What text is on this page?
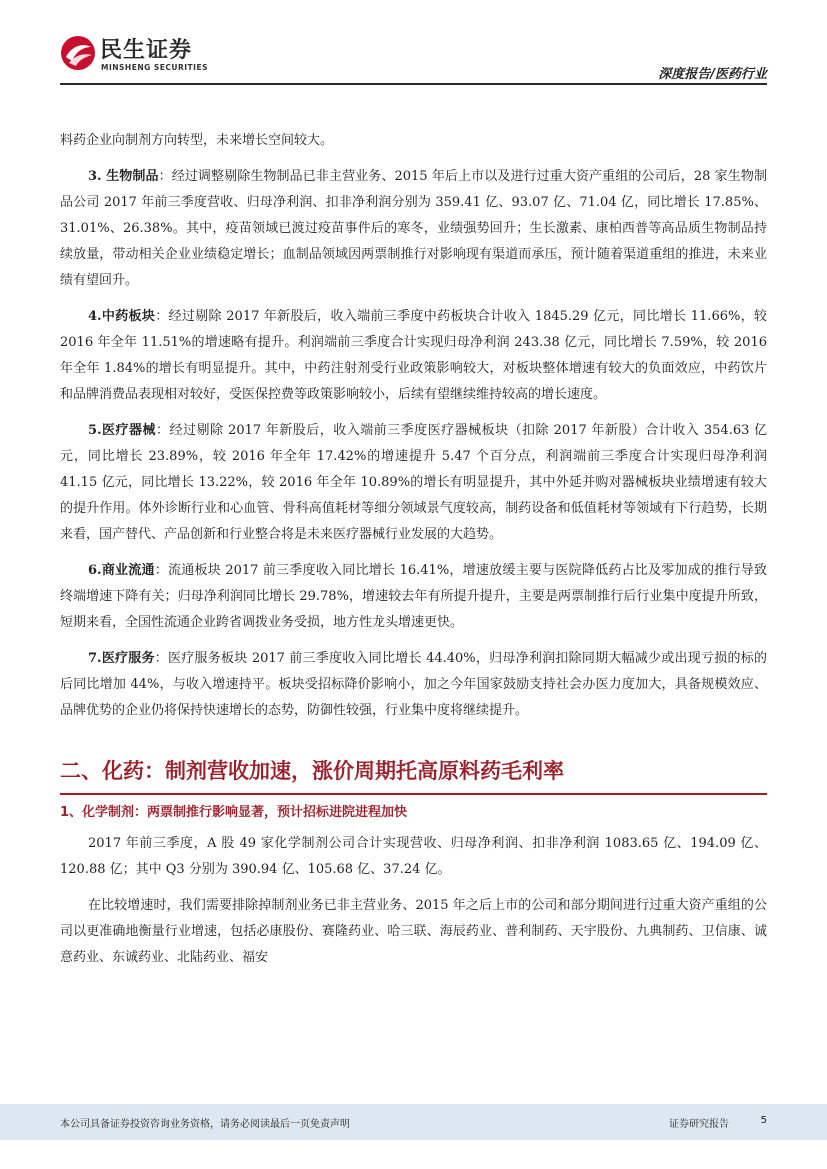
民生证券
MINSHENG SECURITIES	深度报告/医药行业

料药企业向制剂方向转型，未来增长空间较大。

3. 生物制品：经过调整剔除生物制品已非主营业务、2015 年后上市以及进行过重大资产重组的公司后，28 家生物制品公司 2017 年前三季度营收、归母净利润、扣非净利润分别为 359.41 亿、93.07 亿、71.04 亿，同比增长 17.85%、31.01%、26.38%。其中，疫苗领域已渡过疫苗事件后的寒冬，业绩强势回升；生长激素、康柏西普等高品质生物制品持续放量，带动相关企业业绩稳定增长；血制品领域因两票制推行对影响现有渠道而承压，预计随着渠道重组的推进，未来业绩有望回升。

4.中药板块：经过剔除 2017 年新股后，收入端前三季度中药板块合计收入 1845.29 亿元，同比增长 11.66%，较 2016 年全年 11.51%的增速略有提升。利润端前三季度合计实现归母净利润 243.38 亿元，同比增长 7.59%，较 2016 年全年 1.84%的增长有明显提升。其中，中药注射剂受行业政策影响较大，对板块整体增速有较大的负面效应，中药饮片和品牌消费品表现相对较好，受医保控费等政策影响较小，后续有望继续维持较高的增长速度。

5.医疗器械：经过剔除 2017 年新股后，收入端前三季度医疗器械板块（扣除 2017 年新股）合计收入 354.63 亿元，同比增长 23.89%，较 2016 年全年 17.42%的增速提升 5.47 个百分点，利润端前三季度合计实现归母净利润 41.15 亿元，同比增长 13.22%，较 2016 年全年 10.89%的增长有明显提升，其中外延并购对器械板块业绩增速有较大的提升作用。体外诊断行业和心血管、骨科高值耗材等细分领域景气度较高，制药设备和低值耗材等领域有下行趋势，长期来看，国产替代、产品创新和行业整合将是未来医疗器械行业发展的大趋势。

6.商业流通：流通板块 2017 前三季度收入同比增长 16.41%，增速放缓主要与医院降低药占比及零加成的推行导致终端增速下降有关；归母净利润同比增长 29.78%，增速较去年有所提升提升，主要是两票制推行后行业集中度提升所致，短期来看，全国性流通企业跨省调拨业务受损，地方性龙头增速更快。

7.医疗服务：医疗服务板块 2017 前三季度收入同比增长 44.40%，归母净利润扣除同期大幅减少或出现亏损的标的后同比增加 44%，与收入增速持平。板块受招标降价影响小，加之今年国家鼓励支持社会办医力度加大，具备规模效应、品牌优势的企业仍将保持快速增长的态势，防御性较强，行业集中度将继续提升。

二、化药：制剂营收加速，涨价周期托高原料药毛利率
1、化学制剂：两票制推行影响显著，预计招标进院进程加快

2017 年前三季度，A 股 49 家化学制剂公司合计实现营收、归母净利润、扣非净利润 1083.65 亿、194.09 亿、120.88 亿；其中 Q3 分别为 390.94 亿、105.68 亿、37.24 亿。

在比较增速时，我们需要排除掉制剂业务已非主营业务、2015 年之后上市的公司和部分期间进行过重大资产重组的公司以更准确地衡量行业增速，包括必康股份、赛隆药业、哈三联、海辰药业、普利制药、天宇股份、九典制药、卫信康、诚意药业、东诚药业、北陆药业、福安

本公司具备证券投资咨询业务资格，请务必阅读最后一页免责声明	证券研究报告	5
